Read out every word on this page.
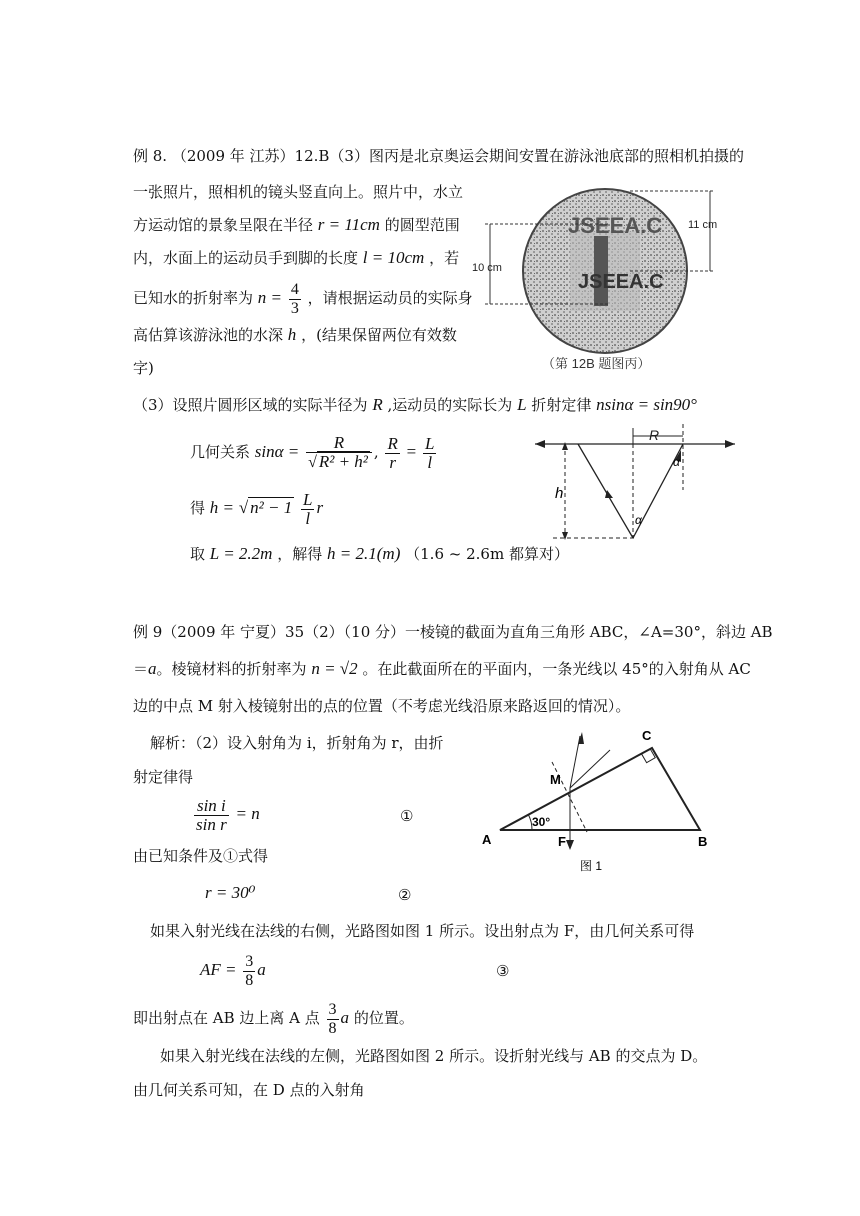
例 8. （2009 年 江苏）12.B（3）图丙是北京奥运会期间安置在游泳池底部的照相机拍摄的
一张照片，照相机的镜头竖直向上。照片中，水立
方运动馆的景象呈限在半径 r = 11cm 的圆型范围
内，水面上的运动员手到脚的长度 l = 10cm ，若
已知水的折射率为 $n = \frac{4}{3}$ ，请根据运动员的实际身
高估算该游泳池的水深 h ，(结果保留两位有效数
字)
JSEEA.C
JSEEA.C
11 cm
10 cm
（第 12B 题图丙）
（3）设照片圆形区域的实际半径为 R ,运动员的实际长为 L 折射定律 nsinα = sin90°
几何关系 $\sin\alpha = \frac{R}{\text{√ R² + h²}}$ , $\frac{R}{r} = \frac{L}{l}$
得 h = √ $n^2 - 1 \frac{L}{l}$ r
取 L = 2.2m ，解得 h = 2.1(m) （1.6 ~ 2.6m 都算对）
h
R
α
α
例 9（2009 年 宁夏）35（2）（10 分）一棱镜的截面为直角三角形 ABC，∠A=30°，斜边 AB
＝a。棱镜材料的折射率为 n = √2 。在此截面所在的平面内，一条光线以 45°的入射角从 AC
边的中点 M 射入棱镜射出的点的位置（不考虑光线沿原来路返回的情况）。
解析：（2）设入射角为 i，折射角为 r，由折
射定律得
$\frac{\text{sin i}}{\text{sin r}} = n$	①
由已知条件及①式得
r = 30⁰	②
30°
A	B
C
M
F
图 1
如果入射光线在法线的右侧，光路图如图 1 所示。设出射点为 F，由几何关系可得
AF = $\frac{3}{8}$ a	③
即出射点在 AB 边上离 A 点 $\frac{3}{8}$ a 的位置。
如果入射光线在法线的左侧，光路图如图 2 所示。设折射光线与 AB 的交点为 D。
由几何关系可知，在 D 点的入射角
